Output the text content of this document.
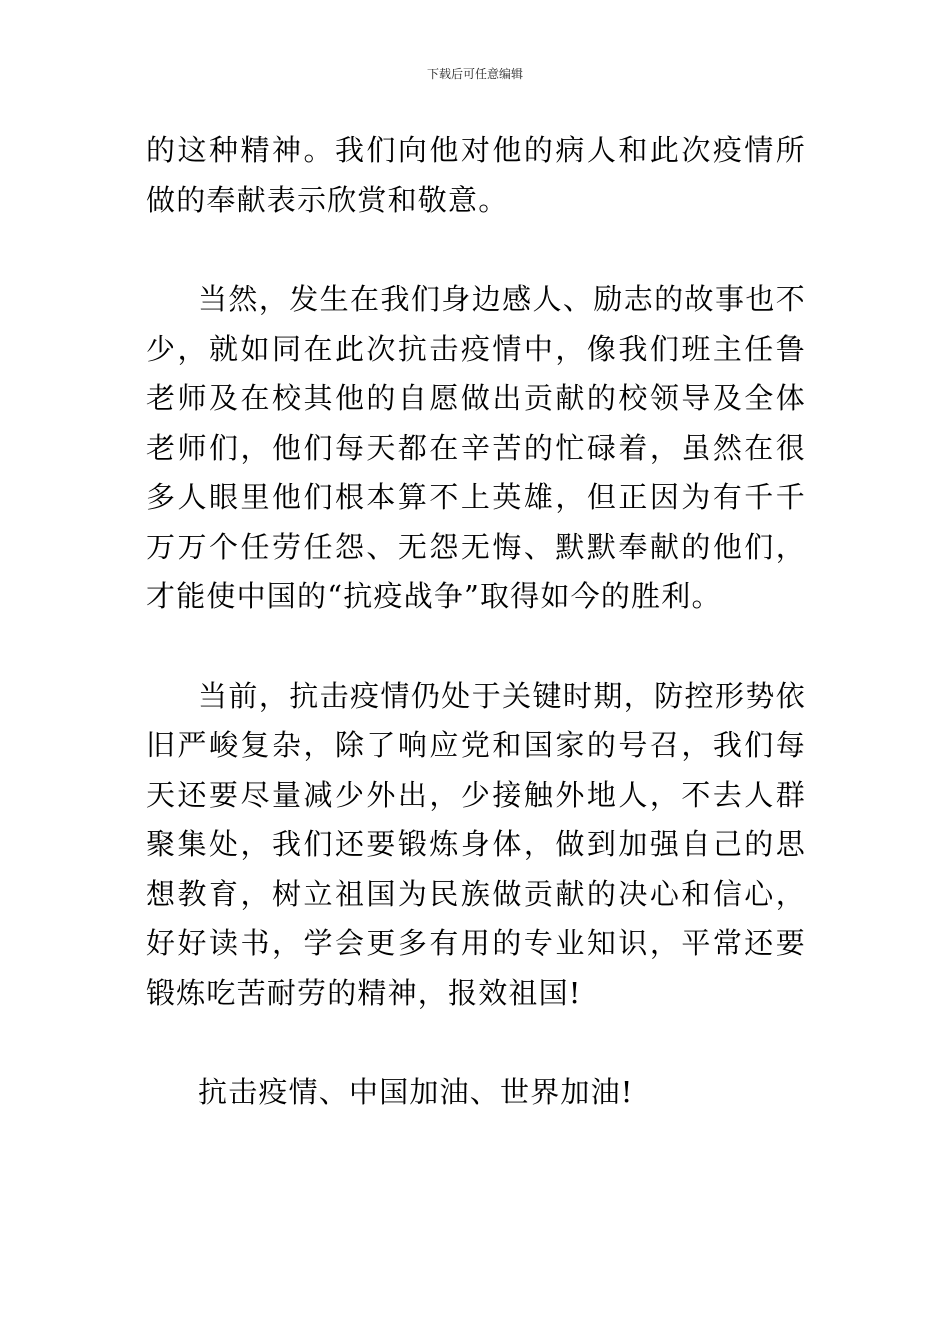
下载后可任意编辑

的这种精神。我们向他对他的病人和此次疫情所做的奉献表示欣赏和敬意。

当然，发生在我们身边感人、励志的故事也不少，就如同在此次抗击疫情中，像我们班主任鲁老师及在校其他的自愿做出贡献的校领导及全体老师们，他们每天都在辛苦的忙碌着，虽然在很多人眼里他们根本算不上英雄，但正因为有千千万万个任劳任怨、无怨无悔、默默奉献的他们，才能使中国的“抗疫战争”取得如今的胜利。

当前，抗击疫情仍处于关键时期，防控形势依旧严峻复杂，除了响应党和国家的号召，我们每天还要尽量减少外出，少接触外地人，不去人群聚集处，我们还要锻炼身体，做到加强自己的思想教育，树立祖国为民族做贡献的决心和信心，好好读书，学会更多有用的专业知识，平常还要锻炼吃苦耐劳的精神，报效祖国!

抗击疫情、中国加油、世界加油!
